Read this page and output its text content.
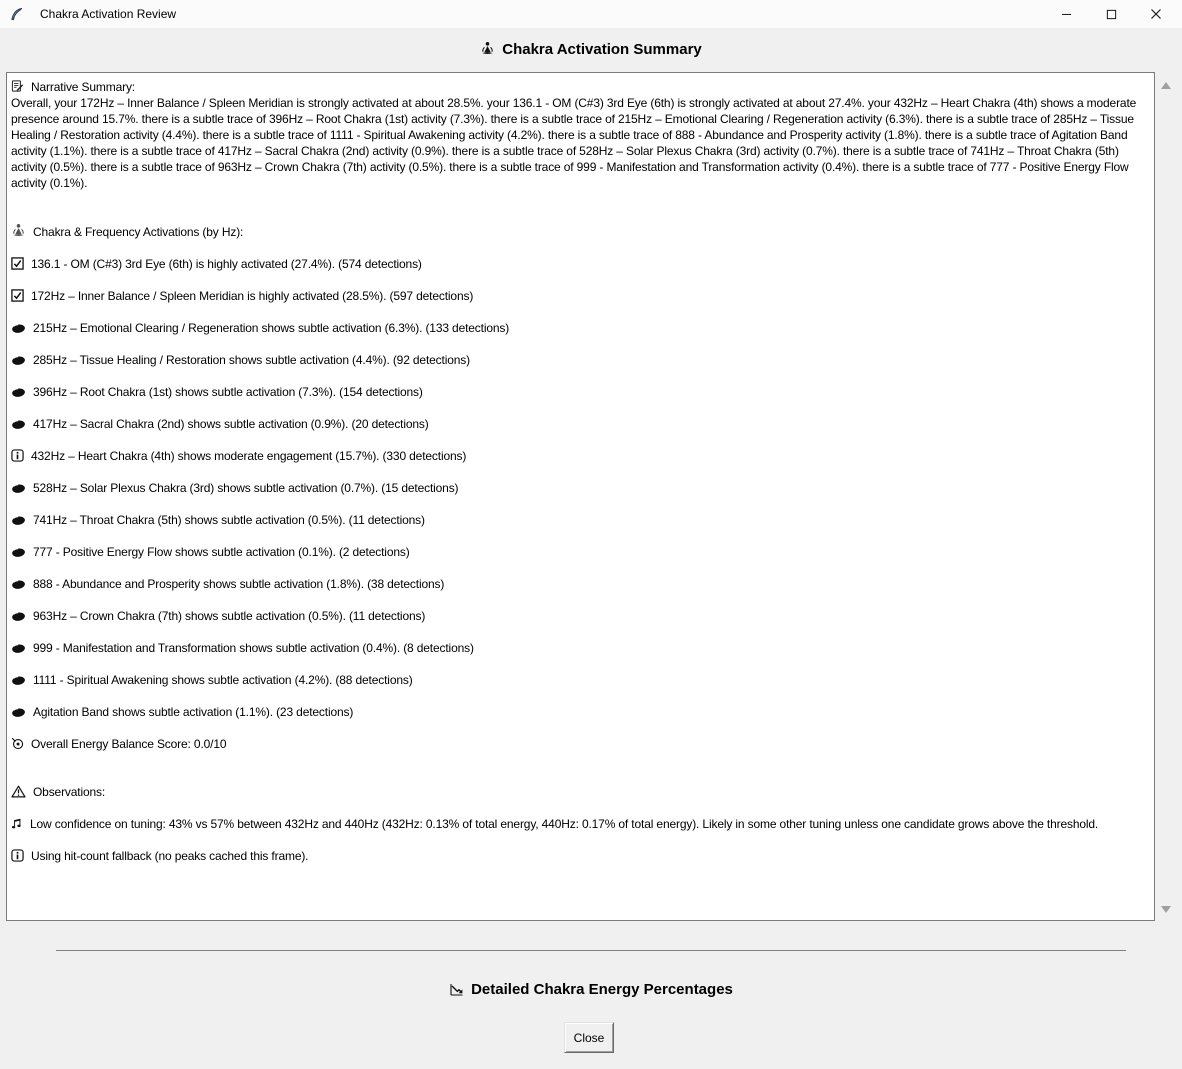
Chakra Activation Review
Chakra Activation Summary
Narrative Summary:

Overall, your 172Hz – Inner Balance / Spleen Meridian is strongly activated at about 28.5%. your 136.1 - OM (C#3) 3rd Eye (6th) is strongly activated at about 27.4%. your 432Hz – Heart Chakra (4th) shows a moderate presence around 15.7%. there is a subtle trace of 396Hz – Root Chakra (1st) activity (7.3%). there is a subtle trace of 215Hz – Emotional Clearing / Regeneration activity (6.3%). there is a subtle trace of 285Hz – Tissue Healing / Restoration activity (4.4%). there is a subtle trace of 1111 - Spiritual Awakening activity (4.2%). there is a subtle trace of 888 - Abundance and Prosperity activity (1.8%). there is a subtle trace of Agitation Band activity (1.1%). there is a subtle trace of 417Hz – Sacral Chakra (2nd) activity (0.9%). there is a subtle trace of 528Hz – Solar Plexus Chakra (3rd) activity (0.7%). there is a subtle trace of 741Hz – Throat Chakra (5th) activity (0.5%). there is a subtle trace of 963Hz – Crown Chakra (7th) activity (0.5%). there is a subtle trace of 999 - Manifestation and Transformation activity (0.4%). there is a subtle trace of 777 - Positive Energy Flow activity (0.1%).

Chakra & Frequency Activations (by Hz):
136.1 - OM (C#3) 3rd Eye (6th) is highly activated (27.4%). (574 detections)
172Hz – Inner Balance / Spleen Meridian is highly activated (28.5%). (597 detections)
215Hz – Emotional Clearing / Regeneration shows subtle activation (6.3%). (133 detections)
285Hz – Tissue Healing / Restoration shows subtle activation (4.4%). (92 detections)
396Hz – Root Chakra (1st) shows subtle activation (7.3%). (154 detections)
417Hz – Sacral Chakra (2nd) shows subtle activation (0.9%). (20 detections)
432Hz – Heart Chakra (4th) shows moderate engagement (15.7%). (330 detections)
528Hz – Solar Plexus Chakra (3rd) shows subtle activation (0.7%). (15 detections)
741Hz – Throat Chakra (5th) shows subtle activation (0.5%). (11 detections)
777 - Positive Energy Flow shows subtle activation (0.1%). (2 detections)
888 - Abundance and Prosperity shows subtle activation (1.8%). (38 detections)
963Hz – Crown Chakra (7th) shows subtle activation (0.5%). (11 detections)
999 - Manifestation and Transformation shows subtle activation (0.4%). (8 detections)
1111 - Spiritual Awakening shows subtle activation (4.2%). (88 detections)
Agitation Band shows subtle activation (1.1%). (23 detections)
Overall Energy Balance Score: 0.0/10
Observations:

Low confidence on tuning: 43% vs 57% between 432Hz and 440Hz (432Hz: 0.13% of total energy, 440Hz: 0.17% of total energy). Likely in some other tuning unless one candidate grows above the threshold.

Using hit-count fallback (no peaks cached this frame).

Detailed Chakra Energy Percentages
Close
